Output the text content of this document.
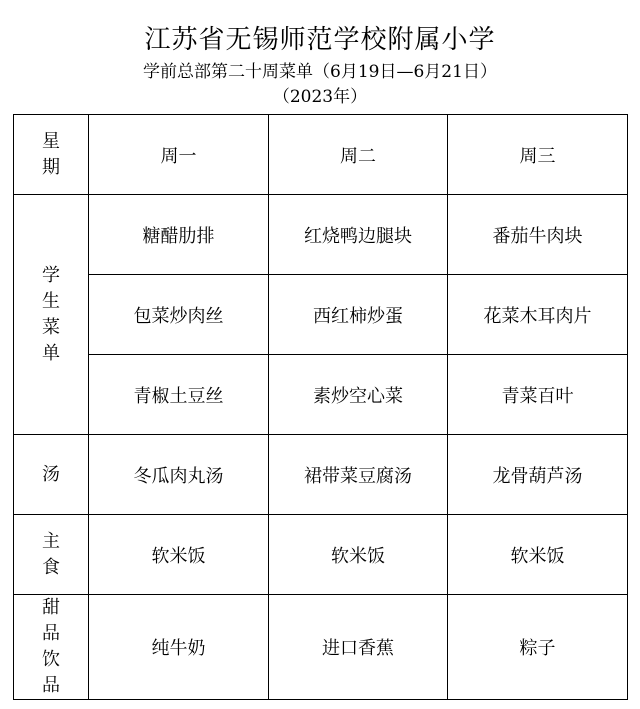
江苏省无锡师范学校附属小学
学前总部第二十周菜单（6月19日—6月21日）
（2023年）
星
期	周一	周二	周三

学
生
菜
单	糖醋肋排	红烧鸭边腿块	番茄牛肉块
	包菜炒肉丝	西红柿炒蛋	花菜木耳肉片
	青椒土豆丝	素炒空心菜	青菜百叶

汤	冬瓜肉丸汤	裙带菜豆腐汤	龙骨葫芦汤

主
食	软米饭	软米饭	软米饭

甜
品
饮
品	纯牛奶	进口香蕉	粽子
